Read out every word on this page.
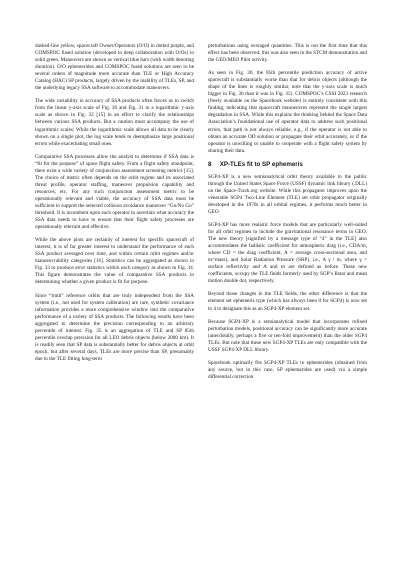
dashed-line yellow, spacecraft Owner/Operators (O/O) in dotted purple, and COMSPOC fused solution (developed in deep collaboration with O/Os) in solid green. Maneuvers are shown as vertical blue bars (with width denoting duration). O/O ephemerides and COMSPOC fused solutions are seen to be several orders of magnitude more accurate than TLE or High Accuracy Catalog (HAC) SP products, largely driven by the inability of TLEs, SP, and the underlying legacy SSA software to accommodate maneuvers.

The wide variability in accuracy of SSA products often forces us to switch from the linear y-axis scale of Fig. 30 and Fig. 31 to a logarithmic y-axis scale as shown in Fig. 32 [15] in an effort to clarify the relationships between various SSA products. But a caution must accompany the use of logarithmic scales: While the logarithmic scale allows all data to be clearly shown on a single plot, the log scale tends to deemphasize large positional errors while exacerbating small ones.

Comparative SSA processes allow the analyst to determine if SSA data is “fit for the purpose” of space flight safety. From a flight safety standpoint, there exist a wide variety of conjunction assessment screening metrics [15]. The choice of metric often depends on the orbit regime and its associated threat profile, operator staffing, maneuver propulsion capability and resources, etc. For any such conjunction assessment metric to be operationally relevant and viable, the accuracy of SSA data must be sufficient to support the selected collision avoidance maneuver “Go/No Go” threshold. It is incumbent upon each operator to ascertain what accuracy the SSA data needs to have to ensure that their flight safety processes are operationally relevant and effective.

While the above plots are certainly of interest for specific spacecraft of interest, it is of far greater interest to understand the performance of each SSA product averaged over time, and within certain orbit regimes and/or manoeuvrability categories [16]. Statistics can be aggregated as shown in Fig. 33 to produce error statistics within each category as shown in Fig. 34. This figure demonstrates the value of comparative SSA products in determining whether a given product is fit for purpose.

Since “truth” reference orbits that are truly independent from the SSA system (i.e., not used for system calibration) are rare, synthetic covariance information provides a more comprehensive window into the comparative performance of a variety of SSA products. The following results have been aggregated to determine the precision corresponding to an arbitrary percentile of interest. Fig. 35 is an aggregation of TLE and SP 85th percentile overlap precision for all LEO debris objects (below 2000 km). It is readily seen that SP data is substantially better for debris objects at orbit epoch, but after several days, TLEs are more precise than SP, presumably due to the TLE fitting long-term

perturbations using averaged quantities. This is not the first time that this effect has been observed; this was also seen in the STCM demonstration and the GEO/MEO Pilot activity.

As seen in Fig. 36, the 85th percentile prediction accuracy of active spacecraft is substantially worse than that for debris objects (although the shape of the lines is roughly similar, note that the y-axis scale is much bigger in Fig. 36 than it was in Fig. 35). COMSPOC’s CSSI 2023 research (freely available on the Spacebook website) is entirely consistent with this finding, indicating that spacecraft manoeuvres represent the single largest degradation in SSA. While this explains the thinking behind the Space Data Association’s foundational use of operator data to address such positional errors, that path is not always reliable, e.g., if the operator is not able to obtain an accurate OD solution or propagate their orbit accurately, or if the operator is unwilling or unable to cooperate with a flight safety system by sharing their data.

8 XP-TLEs fit to SP ephemeris

SGP4-XP is a new semianalytical orbit theory available to the public through the United States Space Force (USSF) dynamic link library (.DLL) on the Space-Track.org website. While this propagator improves upon the venerable SGP4 Two-Line Element (TLE) set orbit propagator originally developed in the 1970s in all orbital regimes, it performs much better in GEO.

SGP4-XP has more realistic force models that are particularly well-suited for all orbit regimes to include the gravitational resonance terms in GEO. The new theory [signified by a message type of “4” in the TLE] also accommodates the ballistic coefficient for atmospheric drag (i.e., CDA/m, where CD = the drag coefficient, A = average cross-sectional area, and m=mass), and Solar Radiation Pressure (SRP), i.e., A γ / m, where γ = surface reflectivity and A and m are defined as before. These new coefficients, occupy the TLE fields formerly used by SGP’s Bstar and mean motion double dot, respectively.

Beyond those changes to the TLE fields, the other difference is that the element set ephemeris type (which has always been 0 for SGP4) is now set to 4 to designate this as an SGP4-XP element set.

Because SGP4-XP is a semianalytical model that incorporates refined perturbation models, positional accuracy can be significantly more accurate (anecdotally, perhaps a five or ten-fold improvement) than the older SGP4 TLEs. But note that these new SGP4-XP TLEs are only compatible with the USSF SGP4-XP DLL library.

Spacebook optimally fits SGP4-XP TLEs to ephemerides (obtained from any source, but in this case, SP ephemerides are used) via a simple differential correction
